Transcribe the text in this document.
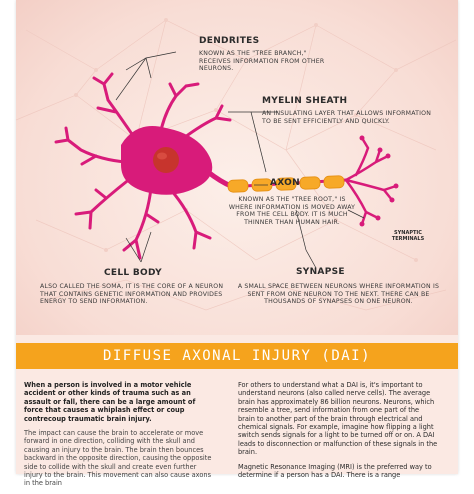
DENDRITES
KNOWN AS THE "TREE BRANCH," RECEIVES INFORMATION FROM OTHER NEURONS.
MYELIN SHEATH
AN INSULATING LAYER THAT ALLOWS INFORMATION TO BE SENT EFFICIENTLY AND QUICKLY.
AXON
KNOWN AS THE "TREE ROOT," IS WHERE INFORMATION IS MOVED AWAY FROM THE CELL BODY. IT IS MUCH THINNER THAN HUMAN HAIR.
SYNAPTIC TERMINALS
CELL BODY
ALSO CALLED THE SOMA, IT IS THE CORE OF A NEURON THAT CONTAINS GENETIC INFORMATION AND PROVIDES ENERGY TO SEND INFORMATION.
SYNAPSE
A SMALL SPACE BETWEEN NEURONS WHERE INFORMATION IS SENT FROM ONE NEURON TO THE NEXT. THERE CAN BE THOUSANDS OF SYNAPSES ON ONE NEURON.
DIFFUSE AXONAL INJURY (DAI)

When a person is involved in a motor vehicle accident or other kinds of trauma such as an assault or fall, there can be a large amount of force that causes a whiplash effect or coup contrecoup traumatic brain injury.

The impact can cause the brain to accelerate or move forward in one direction, colliding with the skull and causing an injury to the brain. The brain then bounces backward in the opposite direction, causing the opposite side to collide with the skull and create even further injury to the brain. This movement can also cause axons in the brain

For others to understand what a DAI is, it's important to understand neurons (also called nerve cells). The average brain has approximately 86 billion neurons. Neurons, which resemble a tree, send information from one part of the brain to another part of the brain through electrical and chemical signals. For example, imagine how flipping a light switch sends signals for a light to be turned off or on. A DAI leads to disconnection or malfunction of these signals in the brain.

Magnetic Resonance Imaging (MRI) is the preferred way to determine if a person has a DAI. There is a range
